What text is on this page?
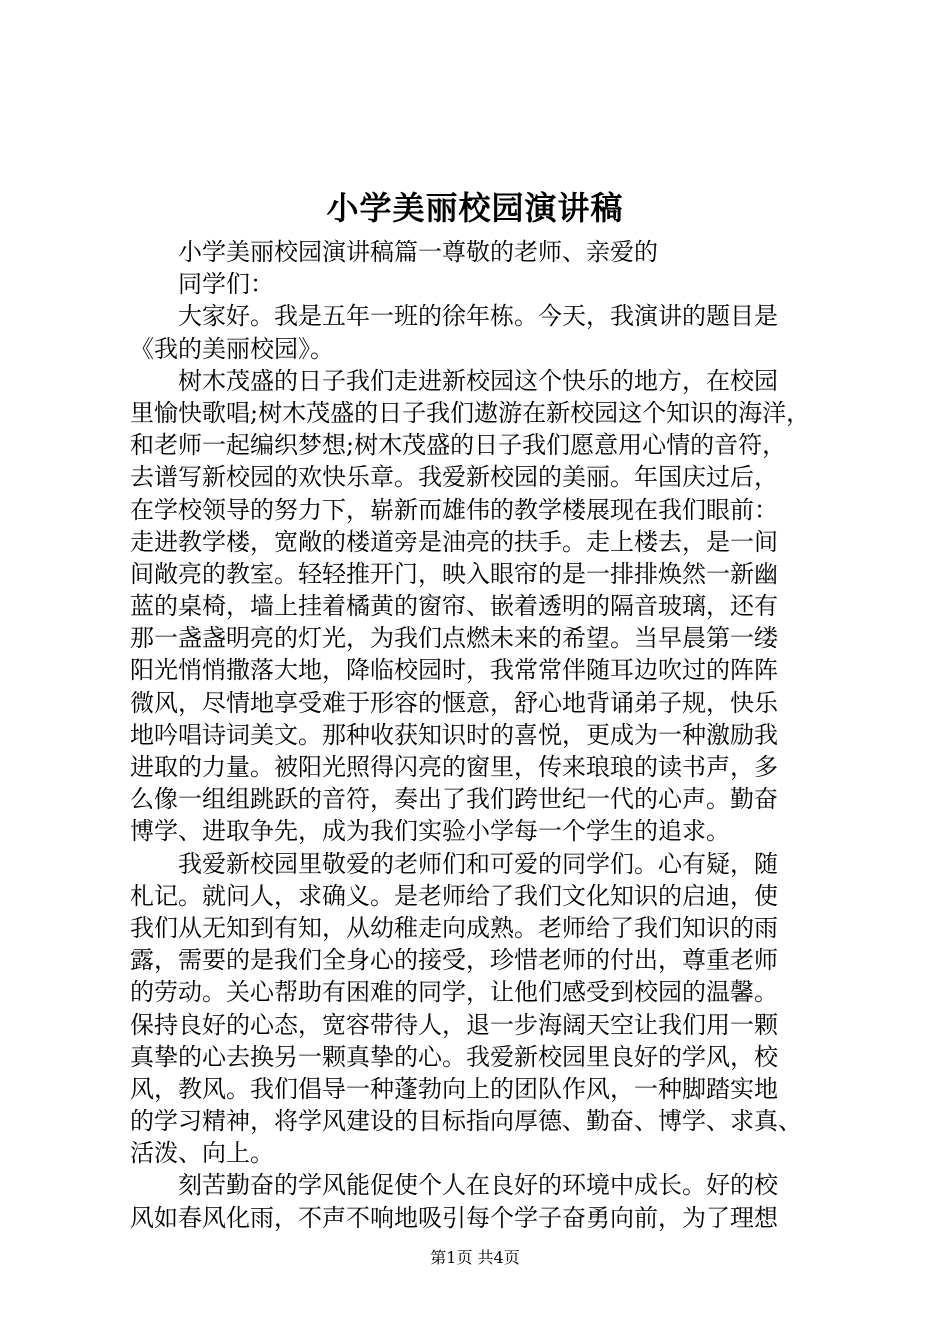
小学美丽校园演讲稿
小学美丽校园演讲稿篇一尊敬的老师、亲爱的
同学们：
大家好。我是五年一班的徐年栋。今天，我演讲的题目是
《我的美丽校园》。
树木茂盛的日子我们走进新校园这个快乐的地方，在校园
里愉快歌唱;树木茂盛的日子我们遨游在新校园这个知识的海洋，
和老师一起编织梦想;树木茂盛的日子我们愿意用心情的音符，
去谱写新校园的欢快乐章。我爱新校园的美丽。年国庆过后，
在学校领导的努力下，崭新而雄伟的教学楼展现在我们眼前：
走进教学楼，宽敞的楼道旁是油亮的扶手。走上楼去，是一间
间敞亮的教室。轻轻推开门，映入眼帘的是一排排焕然一新幽
蓝的桌椅，墙上挂着橘黄的窗帘、嵌着透明的隔音玻璃，还有
那一盏盏明亮的灯光，为我们点燃未来的希望。当早晨第一缕
阳光悄悄撒落大地，降临校园时，我常常伴随耳边吹过的阵阵
微风，尽情地享受难于形容的惬意，舒心地背诵弟子规，快乐
地吟唱诗词美文。那种收获知识时的喜悦，更成为一种激励我
进取的力量。被阳光照得闪亮的窗里，传来琅琅的读书声，多
么像一组组跳跃的音符，奏出了我们跨世纪一代的心声。勤奋
博学、进取争先，成为我们实验小学每一个学生的追求。
我爱新校园里敬爱的老师们和可爱的同学们。心有疑，随
札记。就问人，求确义。是老师给了我们文化知识的启迪，使
我们从无知到有知，从幼稚走向成熟。老师给了我们知识的雨
露，需要的是我们全身心的接受，珍惜老师的付出，尊重老师
的劳动。关心帮助有困难的同学，让他们感受到校园的温馨。
保持良好的心态，宽容带待人，退一步海阔天空让我们用一颗
真挚的心去换另一颗真挚的心。我爱新校园里良好的学风，校
风，教风。我们倡导一种蓬勃向上的团队作风，一种脚踏实地
的学习精神，将学风建设的目标指向厚德、勤奋、博学、求真、
活泼、向上。
刻苦勤奋的学风能促使个人在良好的环境中成长。好的校
风如春风化雨，不声不响地吸引每个学子奋勇向前，为了理想
第1页 共4页
